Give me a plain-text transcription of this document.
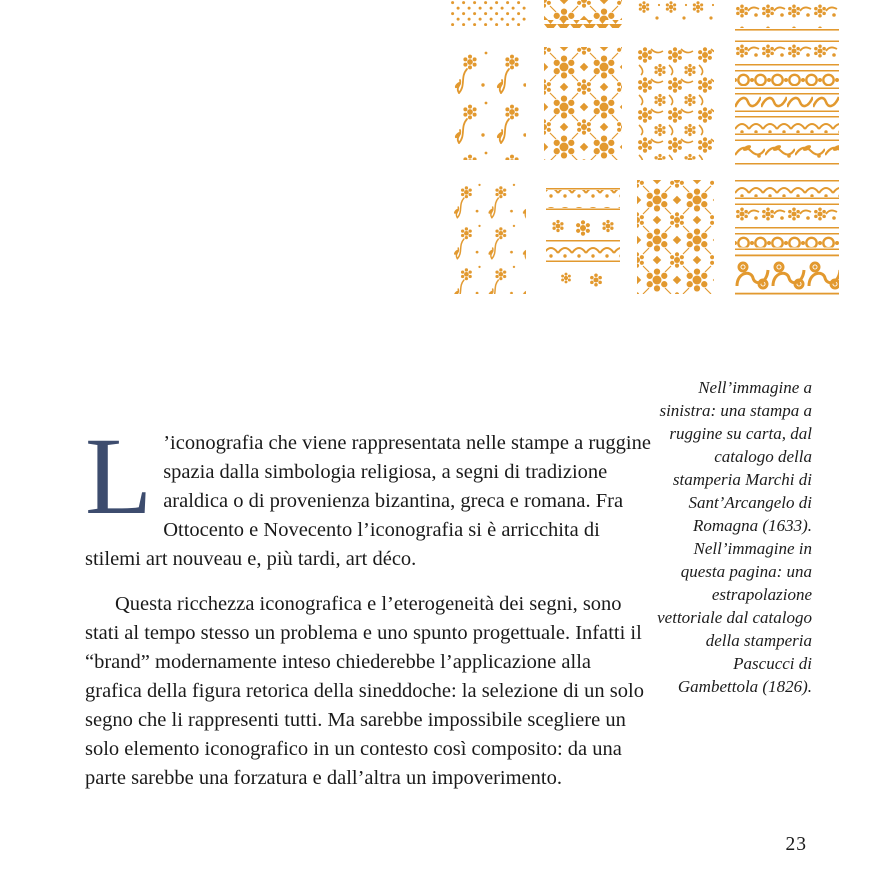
Nell’immagine a sinistra: una stampa a ruggine su carta, dal catalogo della stamperia Marchi di Sant’Arcangelo di Romagna (1633). Nell’immagine in questa pagina: una estrapolazione vettoriale dal catalogo della stamperia Pascucci di Gambettola (1826).

L ’iconografia che viene rappresentata nelle stampe a ruggine spazia dalla simbologia religiosa, a segni di tradizione araldica o di provenienza bizantina, greca e romana. Fra Ottocento e Novecento l’iconografia si è arricchita di stilemi art nouveau e, più tardi, art déco.

Questa ricchezza iconografica e l’eterogeneità dei segni, sono stati al tempo stesso un problema e uno spunto progettuale. Infatti il “brand” modernamente inteso chiederebbe l’applicazione alla grafica della figura retorica della sineddoche: la selezione di un solo segno che li rappresenti tutti. Ma sarebbe impossibile scegliere un solo elemento iconografico in un contesto così composito: da una parte sarebbe una forzatura e dall’altra un impoverimento.

23
